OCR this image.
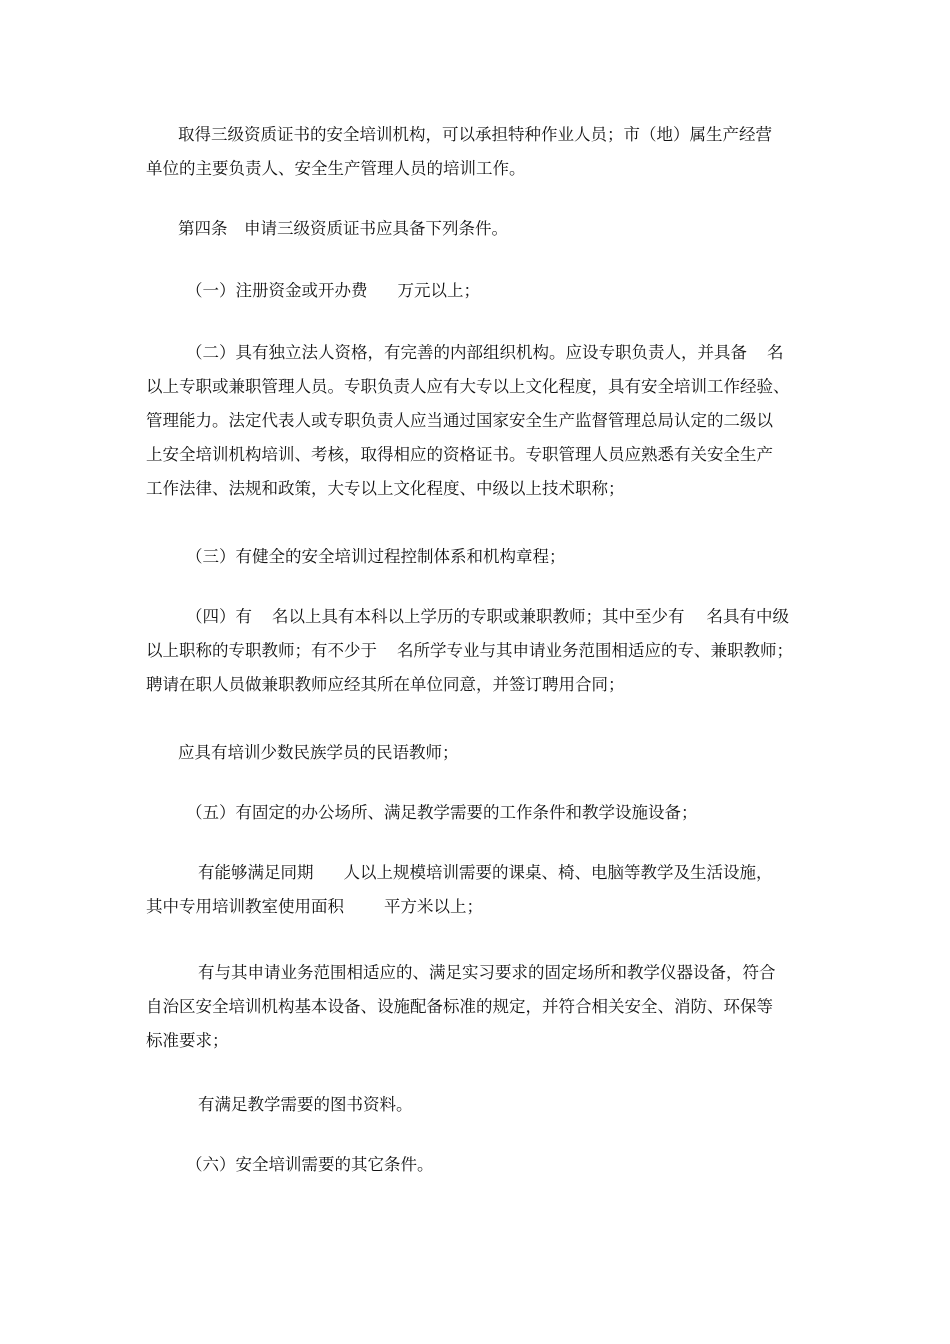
取得三级资质证书的安全培训机构，可以承担特种作业人员；市（地）属生产经营
单位的主要负责人、安全生产管理人员的培训工作。
第四条　申请三级资质证书应具备下列条件。
（一）注册资金或开办费 万元以上；
（二）具有独立法人资格，有完善的内部组织机构。应设专职负责人，并具备 名
以上专职或兼职管理人员。专职负责人应有大专以上文化程度，具有安全培训工作经验、
管理能力。法定代表人或专职负责人应当通过国家安全生产监督管理总局认定的二级以
上安全培训机构培训、考核，取得相应的资格证书。专职管理人员应熟悉有关安全生产
工作法律、法规和政策，大专以上文化程度、中级以上技术职称；
（三）有健全的安全培训过程控制体系和机构章程；
（四）有 名以上具有本科以上学历的专职或兼职教师；其中至少有 名具有中级
以上职称的专职教师；有不少于 名所学专业与其申请业务范围相适应的专、兼职教师；
聘请在职人员做兼职教师应经其所在单位同意，并签订聘用合同；
应具有培训少数民族学员的民语教师；
（五）有固定的办公场所、满足教学需要的工作条件和教学设施设备；
有能够满足同期 人以上规模培训需要的课桌、椅、电脑等教学及生活设施，
其中专用培训教室使用面积 平方米以上；
有与其申请业务范围相适应的、满足实习要求的固定场所和教学仪器设备，符合
自治区安全培训机构基本设备、设施配备标准的规定，并符合相关安全、消防、环保等
标准要求；
有满足教学需要的图书资料。
（六）安全培训需要的其它条件。
